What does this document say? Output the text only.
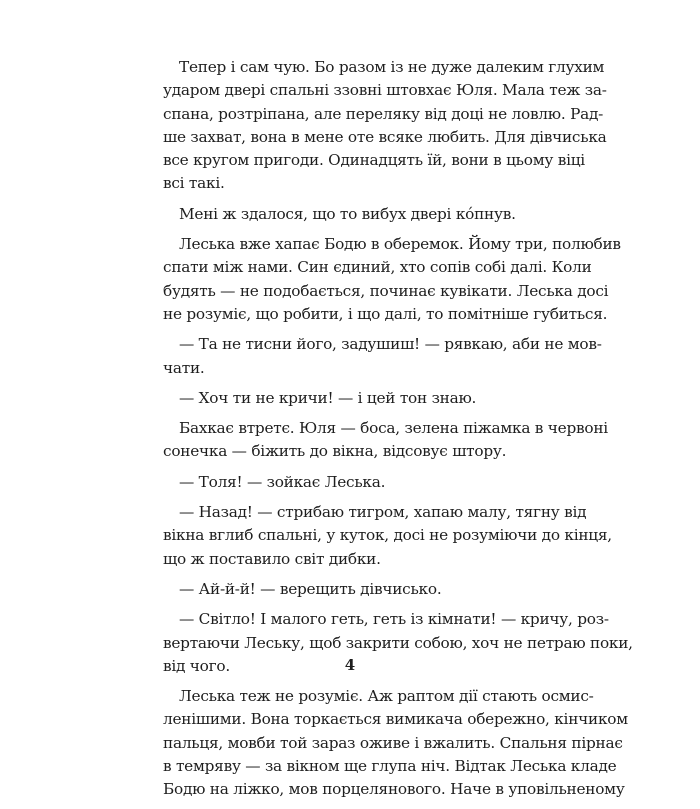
Тепер і сам чую. Бо разом із не дуже далеким глухим
ударом двері спальні ззовні штовхає Юля. Мала теж за-
спана, розтріпана, але переляку від доці не ловлю. Рад-
ше захват, вона в мене оте всяке любить. Для дівчиська
все кругом пригоди. Одинадцять їй, вони в цьому віці
всі такі.
Мені ж здалося, що то вибух двері кóпнув.
Леська вже хапає Бодю в оберемок. Йому три, полюбив
спати між нами. Син єдиний, хто сопів собі далі. Коли
будять — не подобається, починає кувікати. Леська досі
не розуміє, що робити, і що далі, то помітніше губиться.
— Та не тисни його, задушиш! — рявкаю, аби не мов-
чати.
— Хоч ти не кричи! — і цей тон знаю.
Бахкає втретє. Юля — боса, зелена піжамка в червоні
сонечка — біжить до вікна, відсовує штору.
— Толя! — зойкає Леська.
— Назад! — стрибаю тигром, хапаю малу, тягну від
вікна вглиб спальні, у куток, досі не розуміючи до кінця,
що ж поставило світ дибки.
— Ай-й-й! — верещить дівчисько.
— Світло! І малого геть, геть із кімнати! — кричу, роз-
вертаючи Леську, щоб закрити собою, хоч не петраю поки,
від чого.
Леська теж не розуміє. Аж раптом дії стають осмис-
ленішими. Вона торкається вимикача обережно, кінчиком
пальця, мовби той зараз оживе і вжалить. Спальня пірнає
в темряву — за вікном ще глупа ніч. Відтак Леська кладе
Бодю на ліжко, мов порцелянового. Наче в уповільненому
4
